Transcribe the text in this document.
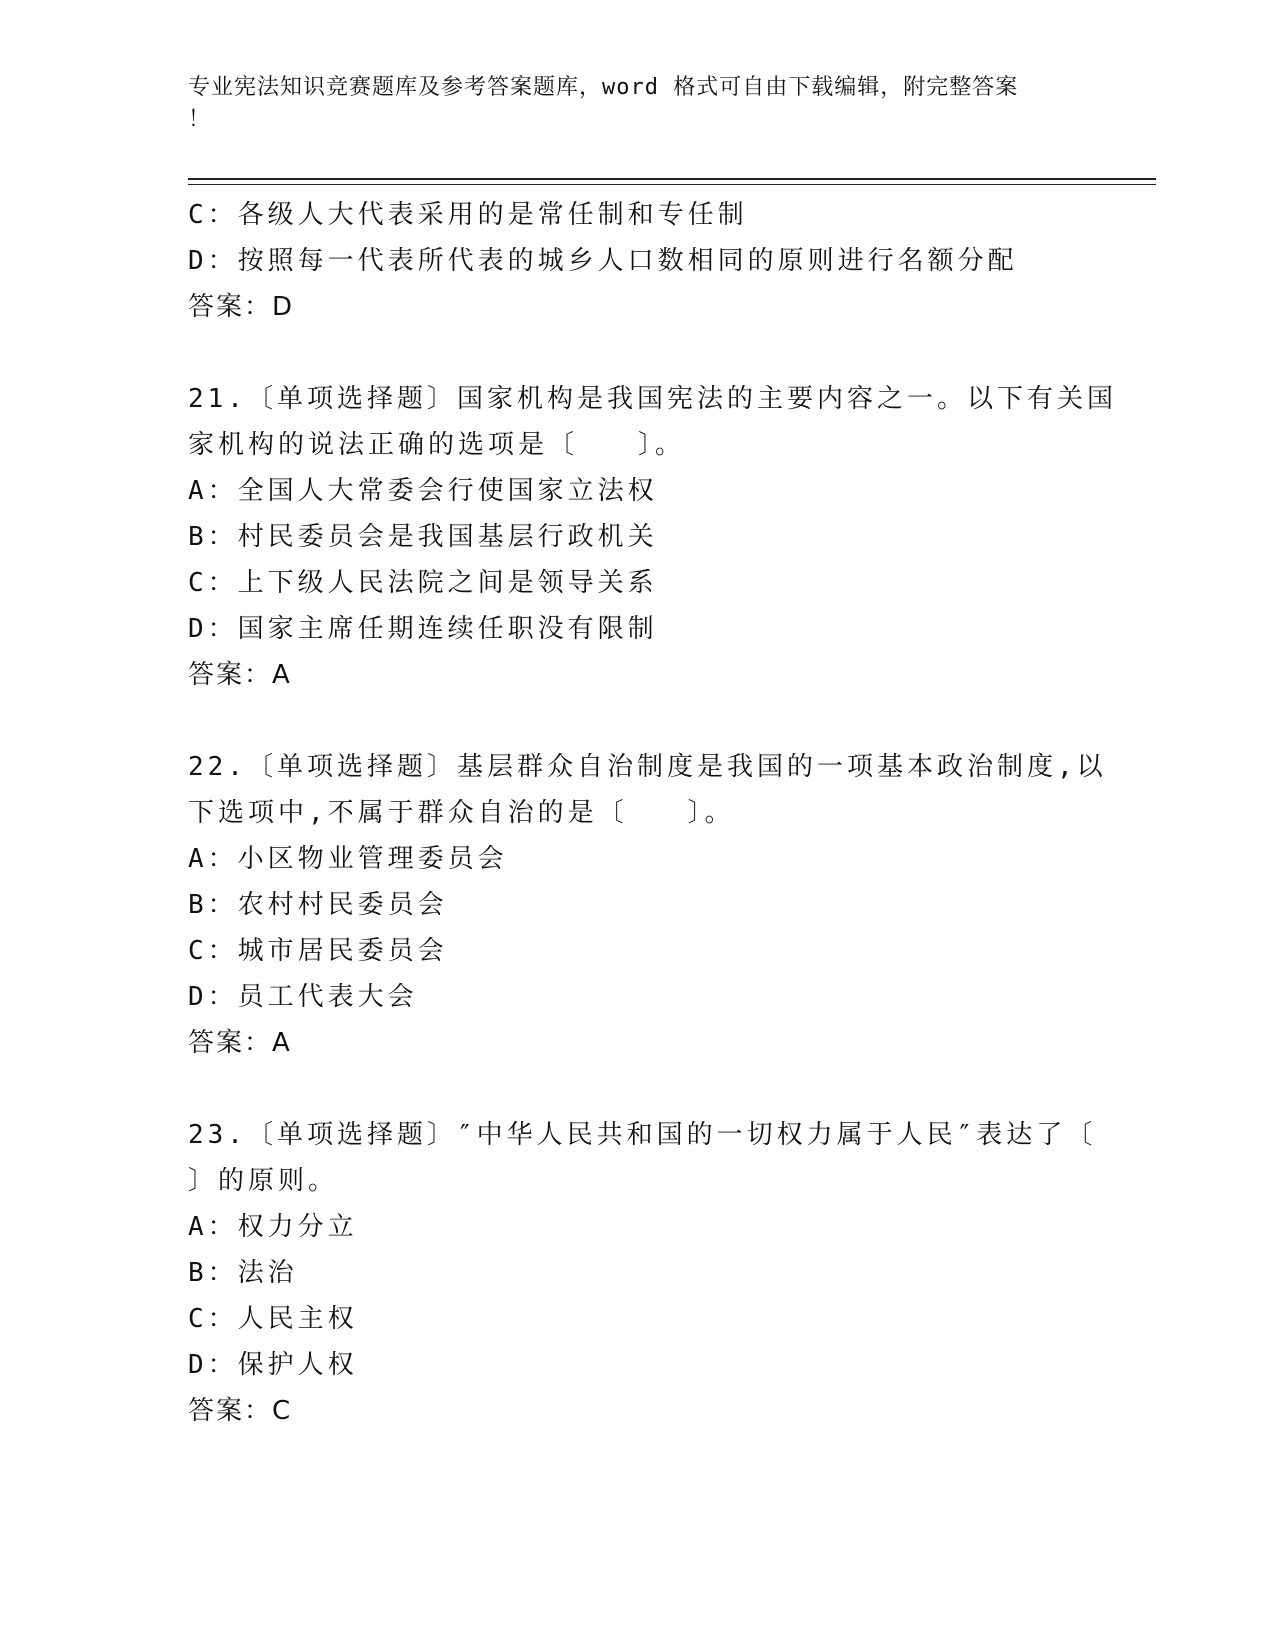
专业宪法知识竞赛题库及参考答案题库，word 格式可自由下载编辑，附完整答案
！
C：各级人大代表采用的是常任制和专任制
D：按照每一代表所代表的城乡人口数相同的原则进行名额分配
答案：D
21.〔单项选择题〕国家机构是我国宪法的主要内容之一。以下有关国
家机构的说法正确的选项是〔　　〕。
A：全国人大常委会行使国家立法权
B：村民委员会是我国基层行政机关
C：上下级人民法院之间是领导关系
D：国家主席任期连续任职没有限制
答案：A
22.〔单项选择题〕基层群众自治制度是我国的一项基本政治制度,以
下选项中,不属于群众自治的是〔　　〕。
A：小区物业管理委员会
B：农村村民委员会
C：城市居民委员会
D：员工代表大会
答案：A
23.〔单项选择题〕″中华人民共和国的一切权力属于人民″表达了〔
〕的原则。
A：权力分立
B：法治
C：人民主权
D：保护人权
答案：C
